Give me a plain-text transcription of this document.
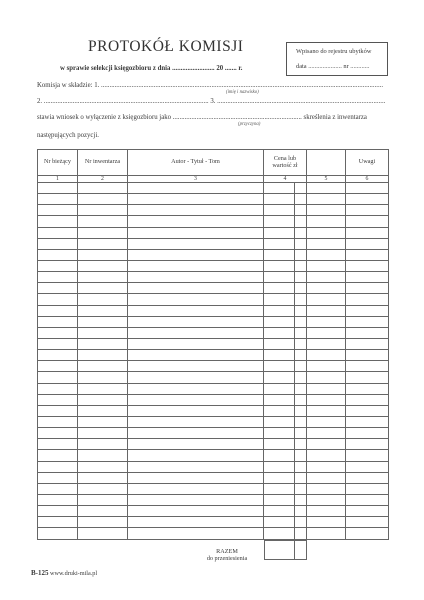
PROTOKÓŁ KOMISJI	Wpisano do rejestru ubytków
data ..................... nr ............
w sprawie selekcji księgozbioru z dnia ......................... 20 ....... r.
Komisja w składzie: 1. ......................................................................................................................................................................
(imię i nazwisko)
2. ................................................................................................. 3. ...................................................................................................
stawia wniosek o wyłączenie z księgozbioru jako ............................................................................ skreślenia z inwentarza
(przyczyna)
następujących pozycji.
Nr bieżący	Nr inwentarza	Autor - Tytuł - Tom	Cena lub wartość zł		Uwagi
1	2	3	4	5	6

RAZEM
do przeniesienia
B-125 www.druki-mila.pl
